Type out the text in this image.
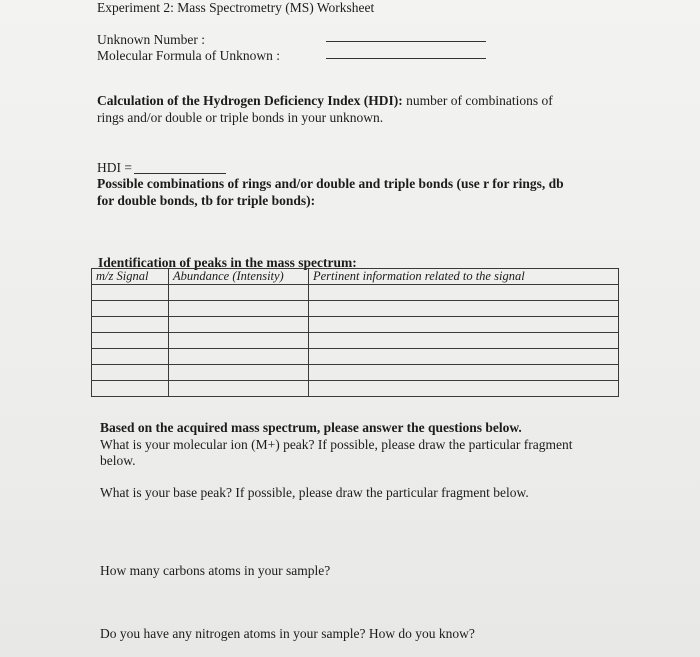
Experiment 2: Mass Spectrometry (MS) Worksheet
Unknown Number :
Molecular Formula of Unknown :
Calculation of the Hydrogen Deficiency Index (HDI): number of combinations of
rings and/or double or triple bonds in your unknown.
HDI =
Possible combinations of rings and/or double and triple bonds (use r for rings, db
for double bonds, tb for triple bonds):
Identification of peaks in the mass spectrum:
m/z Signal	Abundance (Intensity)	Pertinent information related to the signal

Based on the acquired mass spectrum, please answer the questions below.
What is your molecular ion (M+) peak? If possible, please draw the particular fragment
below.
What is your base peak? If possible, please draw the particular fragment below.
How many carbons atoms in your sample?
Do you have any nitrogen atoms in your sample? How do you know?
